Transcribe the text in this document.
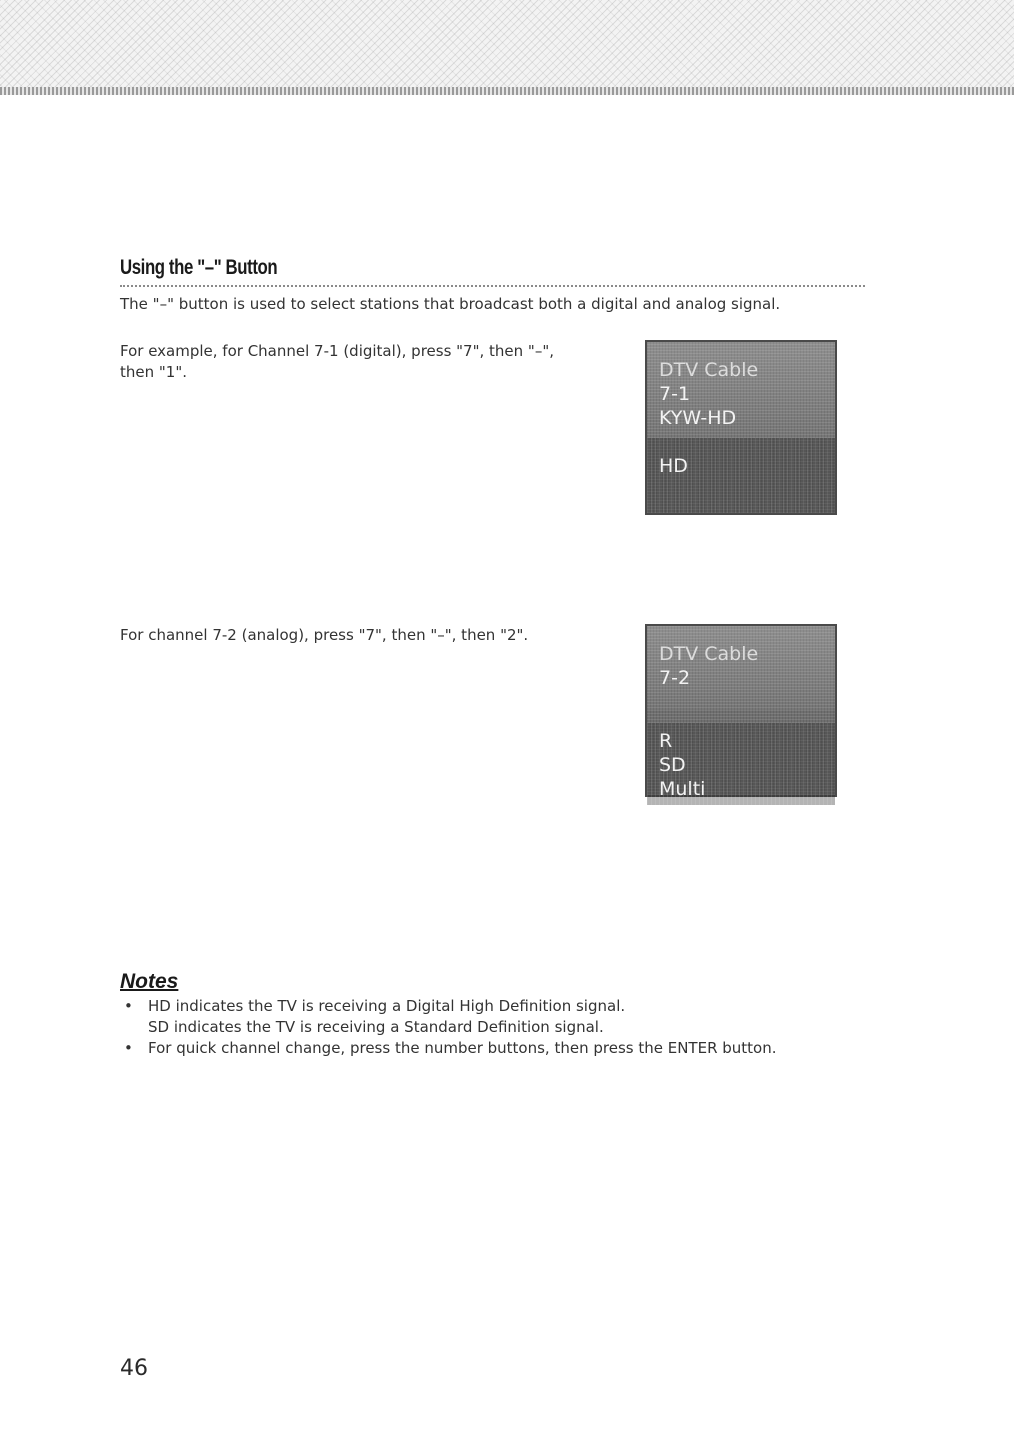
Using the "–" Button
The "–" button is used to select stations that broadcast both a digital and analog signal.
For example, for Channel 7-1 (digital), press "7", then "–",
then "1".	DTV Cable
7-1
KYW-HD
HD
For channel 7-2 (analog), press "7", then "–", then "2".
DTV Cable
7-2
R
SD
Multi
Notes
• HD indicates the TV is receiving a Digital High Definition signal.
SD indicates the TV is receiving a Standard Definition signal.
• For quick channel change, press the number buttons, then press the ENTER button.
46
